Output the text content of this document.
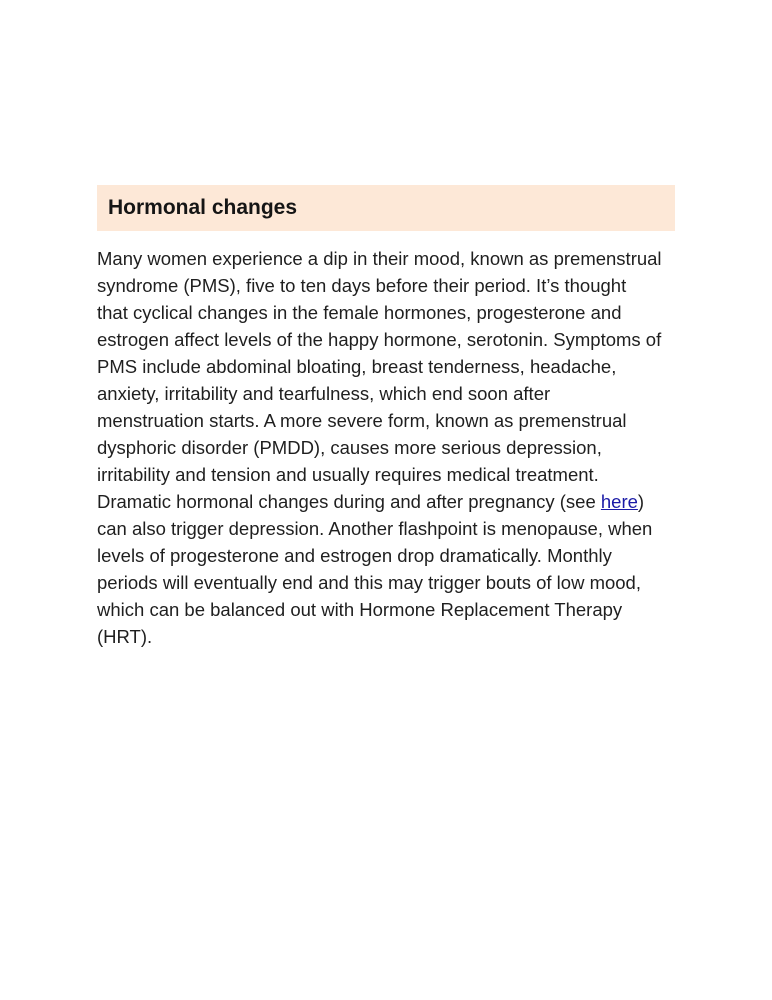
Hormonal changes

Many women experience a dip in their mood, known as premenstrual
syndrome (PMS), five to ten days before their period. It’s thought
that cyclical changes in the female hormones, progesterone and
estrogen affect levels of the happy hormone, serotonin. Symptoms of
PMS include abdominal bloating, breast tenderness, headache,
anxiety, irritability and tearfulness, which end soon after
menstruation starts. A more severe form, known as premenstrual
dysphoric disorder (PMDD), causes more serious depression,
irritability and tension and usually requires medical treatment.
Dramatic hormonal changes during and after pregnancy (see here)
can also trigger depression. Another flashpoint is menopause, when
levels of progesterone and estrogen drop dramatically. Monthly
periods will eventually end and this may trigger bouts of low mood,
which can be balanced out with Hormone Replacement Therapy
(HRT).
